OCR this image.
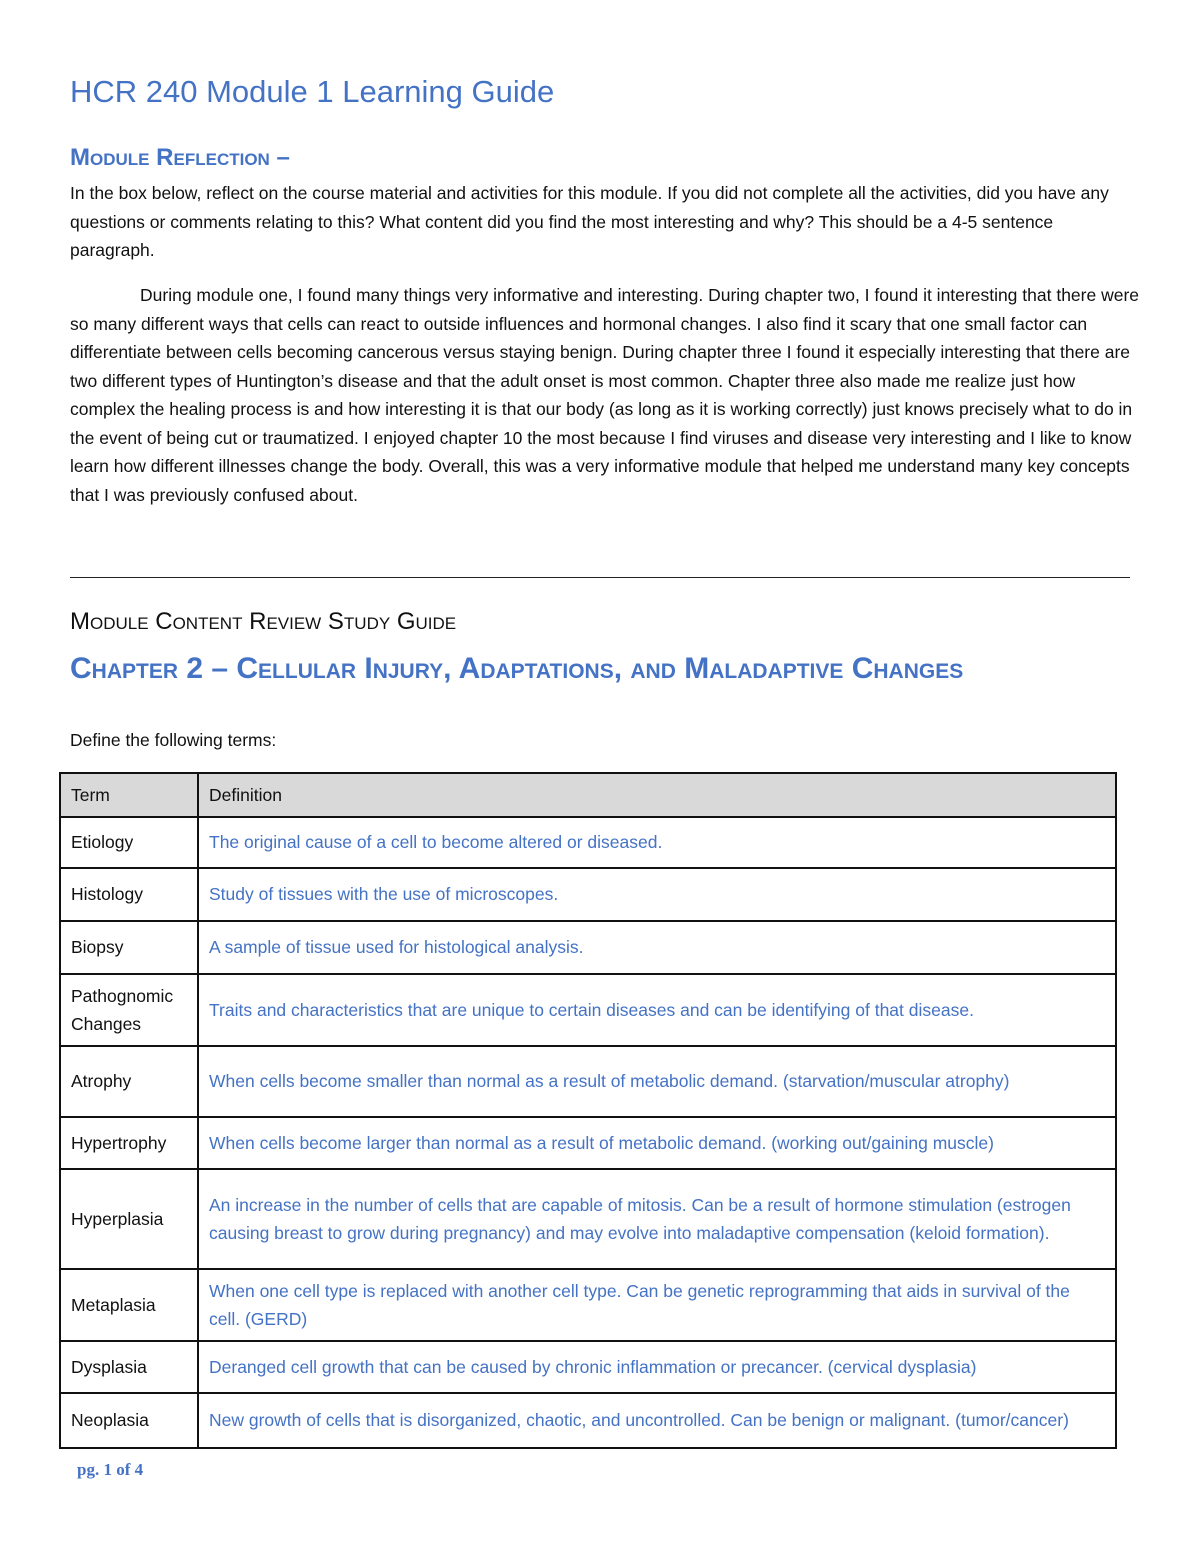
HCR 240 Module 1 Learning Guide
Module Reflection –
In the box below, reflect on the course material and activities for this module. If you did not complete all the activities, did you have any questions or comments relating to this? What content did you find the most interesting and why? This should be a 4-5 sentence paragraph.
During module one, I found many things very informative and interesting. During chapter two, I found it interesting that there were so many different ways that cells can react to outside influences and hormonal changes. I also find it scary that one small factor can differentiate between cells becoming cancerous versus staying benign. During chapter three I found it especially interesting that there are two different types of Huntington’s disease and that the adult onset is most common. Chapter three also made me realize just how complex the healing process is and how interesting it is that our body (as long as it is working correctly) just knows precisely what to do in the event of being cut or traumatized. I enjoyed chapter 10 the most because I find viruses and disease very interesting and I like to know learn how different illnesses change the body. Overall, this was a very informative module that helped me understand many key concepts that I was previously confused about.
Module Content Review Study Guide
Chapter 2 – Cellular Injury, Adaptations, and Maladaptive Changes
Define the following terms:
Term	Definition
Etiology	The original cause of a cell to become altered or diseased.
Histology	Study of tissues with the use of microscopes.
Biopsy	A sample of tissue used for histological analysis.
Pathognomic Changes	Traits and characteristics that are unique to certain diseases and can be identifying of that disease.
Atrophy	When cells become smaller than normal as a result of metabolic demand. (starvation/muscular atrophy)
Hypertrophy	When cells become larger than normal as a result of metabolic demand. (working out/gaining muscle)
Hyperplasia	An increase in the number of cells that are capable of mitosis. Can be a result of hormone stimulation (estrogen causing breast to grow during pregnancy) and may evolve into maladaptive compensation (keloid formation).
Metaplasia	When one cell type is replaced with another cell type. Can be genetic reprogramming that aids in survival of the cell. (GERD)
Dysplasia	Deranged cell growth that can be caused by chronic inflammation or precancer. (cervical dysplasia)
Neoplasia	New growth of cells that is disorganized, chaotic, and uncontrolled. Can be benign or malignant. (tumor/cancer)
pg. 1 of 4
